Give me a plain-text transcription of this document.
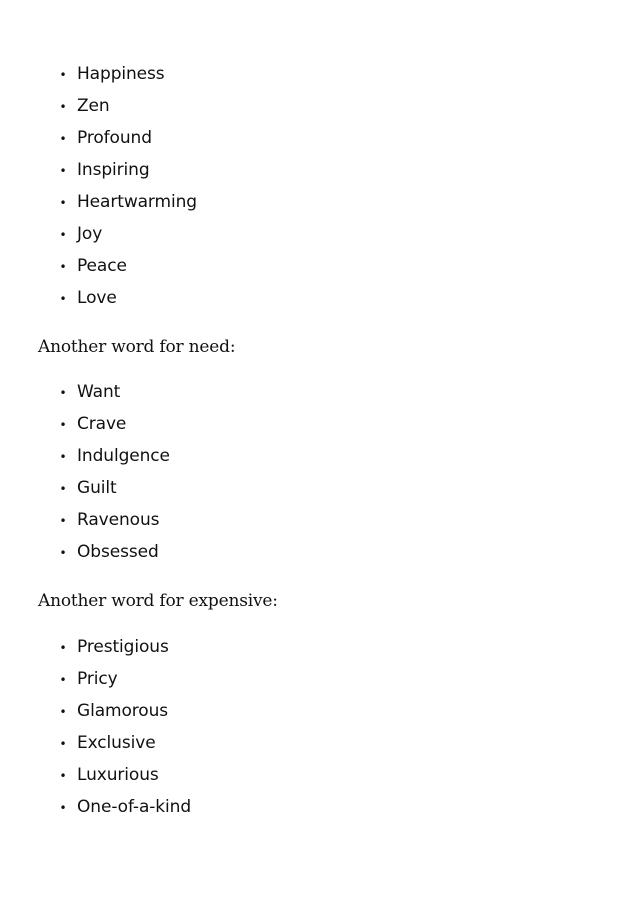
• Happiness
• Zen
• Profound
• Inspiring
• Heartwarming
• Joy
• Peace
• Love

Another word for need:

• Want
• Crave
• Indulgence
• Guilt
• Ravenous
• Obsessed

Another word for expensive:

• Prestigious
• Pricy
• Glamorous
• Exclusive
• Luxurious
• One-of-a-kind
